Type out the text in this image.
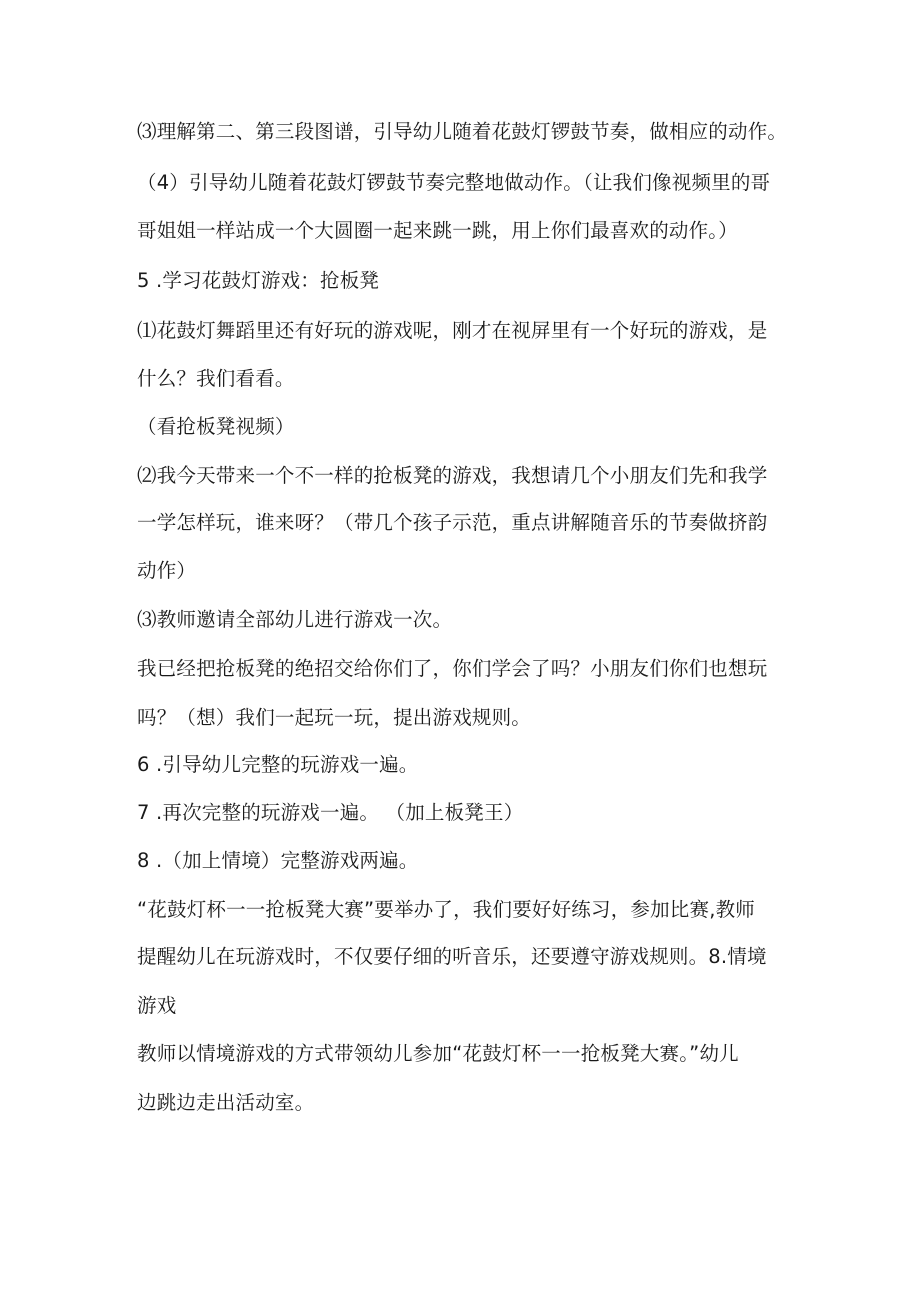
⑶理解第二、第三段图谱，引导幼儿随着花鼓灯锣鼓节奏，做相应的动作。
（4）引导幼儿随着花鼓灯锣鼓节奏完整地做动作。（让我们像视频里的哥
哥姐姐一样站成一个大圆圈一起来跳一跳，用上你们最喜欢的动作。）
5 .学习花鼓灯游戏：抢板凳
⑴花鼓灯舞蹈里还有好玩的游戏呢，刚才在视屏里有一个好玩的游戏，是
什么？我们看看。
（看抢板凳视频）
⑵我今天带来一个不一样的抢板凳的游戏，我想请几个小朋友们先和我学
一学怎样玩，谁来呀？（带几个孩子示范，重点讲解随音乐的节奏做挤韵
动作）
⑶教师邀请全部幼儿进行游戏一次。
我已经把抢板凳的绝招交给你们了，你们学会了吗？小朋友们你们也想玩
吗？（想）我们一起玩一玩，提出游戏规则。
6 .引导幼儿完整的玩游戏一遍。
7 .再次完整的玩游戏一遍。 （加上板凳王）
8 .（加上情境）完整游戏两遍。
“花鼓灯杯一一抢板凳大赛”要举办了，我们要好好练习，参加比赛,教师
提醒幼儿在玩游戏时，不仅要仔细的听音乐，还要遵守游戏规则。8.情境
游戏
教师以情境游戏的方式带领幼儿参加“花鼓灯杯一一抢板凳大赛。”幼儿
边跳边走出活动室。
